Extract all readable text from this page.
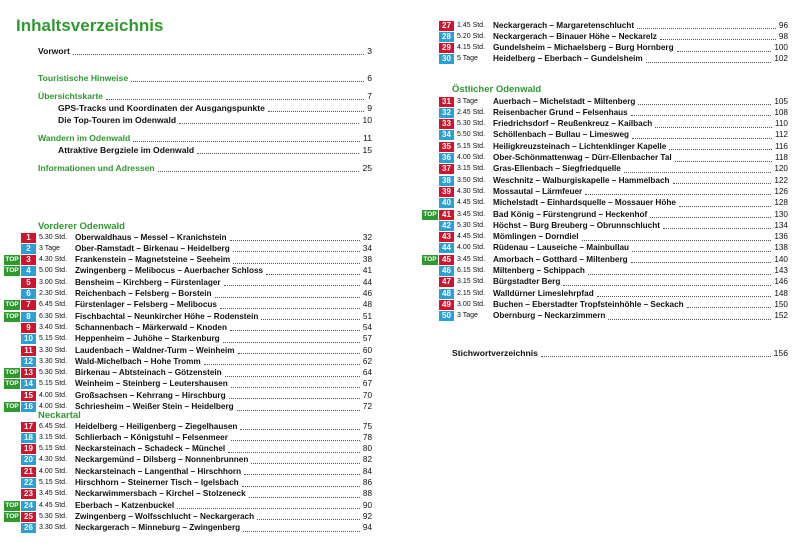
Inhaltsverzeichnis
Vorwort	3
Touristische Hinweise	6
Übersichtskarte	7
GPS-Tracks und Koordinaten der Ausgangspunkte	9
Die Top-Touren im Odenwald	10
Wandern im Odenwald	11
Attraktive Bergziele im Odenwald	15
Informationen und Adressen	25
Vorderer Odenwald
1	5.30 Std. Oberwaldhaus – Messel – Kranichstein	32
2	3 Tage	Ober-Ramstadt – Birkenau – Heidelberg	34
TOP 3	4.30 Std. Frankenstein – Magnetsteine – Seeheim	38
TOP 4	5.00 Std. Zwingenberg – Melibocus – Auerbacher Schloss	41
5	3.00 Std. Bensheim – Kirchberg – Fürstenlager	44
6	2.30 Std. Reichenbach – Felsberg – Borstein	46
TOP 7	6.45 Std. Fürstenlager – Felsberg – Melibocus	48
TOP 8	6.30 Std. Fischbachtal – Neunkircher Höhe – Rodenstein	51
9	3.40 Std. Schannenbach – Märkerwald – Knoden	54
10 5.15 Std. Heppenheim – Juhöhe – Starkenburg	57
11 3.30 Std. Laudenbach – Waldner-Turm – Weinheim	60
12 3.30 Std. Wald-Michelbach – Hohe Tromm	62
TOP 13 5.30 Std. Birkenau – Abtsteinach – Götzenstein	64
TOP 14 5.15 Std. Weinheim – Steinberg – Leutershausen	67
15 4.00 Std. Großsachsen – Kehrrang – Hirschburg	70
TOP 16 4.00 Std. Schriesheim – Weißer Stein – Heidelberg	72
Neckartal
17 6.45 Std. Heidelberg – Heiligenberg – Ziegelhausen	75
18 3.15 Std. Schlierbach – Königstuhl – Felsenmeer	78
19 5.15 Std. Neckarsteinach – Schadeck – Münchel	80
20 4.30 Std. Neckargemünd – Dilsberg – Nonnenbrunnen	82
21 4.00 Std. Neckarsteinach – Langenthal – Hirschhorn	84
22 5.15 Std. Hirschhorn – Steinerner Tisch – Igelsbach	86
23 3.45 Std. Neckarwimmersbach – Kirchel – Stolzeneck	88
TOP 24 4.45 Std. Eberbach – Katzenbuckel	90
TOP 25 5.30 Std. Zwingenberg – Wolfsschlucht – Neckargerach	92
26 3.30 Std. Neckargerach – Minneburg – Zwingenberg	94
27 1.45 Std. Neckargerach – Margaretenschlucht	96
28 5.20 Std. Neckargerach – Binauer Höhe – Neckarelz	98
29 4.15 Std. Gundelsheim – Michaelsberg – Burg Hornberg	100
30 5 Tage	Heidelberg – Eberbach – Gundelsheim	102
Östlicher Odenwald
31 3 Tage	Auerbach – Michelstadt – Miltenberg	105
32 2.45 Std. Reisenbacher Grund – Felsenhaus	108
33 5.30 Std. Friedrichsdorf – Reußenkreuz – Kailbach	110
34 5.50 Std. Schöllenbach – Bullau – Limesweg	112
35 5.15 Std. Heiligkreuzsteinach – Lichtenklinger Kapelle	116
36 4.00 Std. Ober-Schönmattenwag – Dürr-Ellenbacher Tal	118
37 3.15 Std. Gras-Ellenbach – Siegfriedquelle	120
38 3.50 Std. Weschnitz – Walburgiskapelle – Hammelbach	122
39 4.30 Std. Mossautal – Lärmfeuer	126
40 4.45 Std. Michelstadt – Einhardsquelle – Mossauer Höhe	128
TOP 41 3.45 Std. Bad König – Fürstengrund – Heckenhof	130
42 5.30 Std. Höchst – Burg Breuberg – Obrunnschlucht	134
43 4.45 Std. Mömlingen – Dorndiel	136
44 4.00 Std. Rüdenau – Lauseiche – Mainbullau	138
TOP 45 3.45 Std. Amorbach – Gotthard – Miltenberg	140
46 6.15 Std. Miltenberg – Schippach	143
47 3.15 Std. Bürgstadter Berg	146
48 2.15 Std. Walldürner Limeslehrpfad	148
49 3.00 Std. Buchen – Eberstadter Tropfsteinhöhle – Seckach	150
50 3 Tage	Obernburg – Neckarzimmern	152
Stichwortverzeichnis	156
